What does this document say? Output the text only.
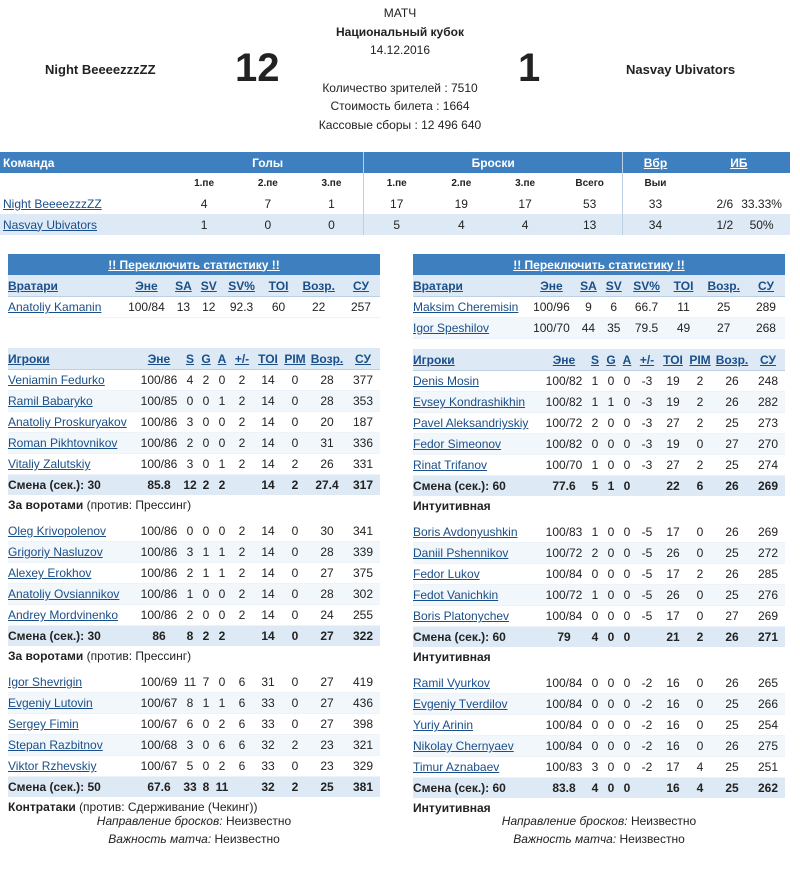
МАТЧ
Национальный кубок
14.12.2016
Night BeeeezzzZZ 12	1	Nasvay Ubivators
Количество зрителей : 7510
Стоимость билета : 1664
Кассовые сборы : 12 496 640
Команда	Голы			Броски				Вбр	ИБ	
	1.пе	2.пе	3.пе	1.пе	2.пе	3.пе	Всего	Выи		
Night BeeeezzzZZ	4	7	1	17	19	17	53	33	2/6	33.33%
Nasvay Ubivators	1	0	0	5	4	4	13	34	1/2	50%
!! Переключить статистику !!							
Вратари	Эне	SA	SV	SV%	TOI	Возр.	СУ
Anatoliy Kamanin	100/84	13	12	92.3	60	22	257
Игроки	Эне	S	G	A	+/-	TOI	PIM	Возр.	СУ
Veniamin Fedurko	100/86	4	2	0	2	14	0	28	377
Ramil Babaryko	100/85	0	0	1	2	14	0	28	353
Anatoliy Proskuryakov	100/86	3	0	0	2	14	0	20	187
Roman Pikhtovnikov	100/86	2	0	0	2	14	0	31	336
Vitaliy Zalutskiy	100/86	3	0	1	2	14	2	26	331
Смена (сек.): 30	85.8	12	2	2		14	2	27.4	317
За воротами (против: Прессинг)									

Oleg Krivopolenov	100/86	0	0	0	2	14	0	30	341
Grigoriy Nasluzov	100/86	3	1	1	2	14	0	28	339
Alexey Erokhov	100/86	2	1	1	2	14	0	27	375
Anatoliy Ovsiannikov	100/86	1	0	0	2	14	0	28	302
Andrey Mordvinenko	100/86	2	0	0	2	14	0	24	255
Смена (сек.): 30	86	8	2	2		14	0	27	322
За воротами (против: Прессинг)									

Igor Shevrigin	100/69	11	7	0	6	31	0	27	419
Evgeniy Lutovin	100/67	8	1	1	6	33	0	27	436
Sergey Fimin	100/67	6	0	2	6	33	0	27	398
Stepan Razbitnov	100/68	3	0	6	6	32	2	23	321
Viktor Rzhevskiy	100/67	5	0	2	6	33	0	23	329
Смена (сек.): 50	67.6	33	8	11		32	2	25	381
Контратаки (против: Сдерживание (Чекинг))									
!! Переключить статистику !!							
Вратари	Эне	SA	SV	SV%	TOI	Возр.	СУ
Maksim Cheremisin	100/96	9	6	66.7	11	25	289
Igor Speshilov	100/70	44	35	79.5	49	27	268
Игроки	Эне	S	G	A	+/-	TOI	PIM	Возр.	СУ
Denis Mosin	100/82	1	0	0	-3	19	2	26	248
Evsey Kondrashikhin	100/82	1	1	0	-3	19	2	26	282
Pavel Aleksandriyskiy	100/72	2	0	0	-3	27	2	25	273
Fedor Simeonov	100/82	0	0	0	-3	19	0	27	270
Rinat Trifanov	100/70	1	0	0	-3	27	2	25	274
Смена (сек.): 60	77.6	5	1	0		22	6	26	269
Интуитивная									

Boris Avdonyushkin	100/83	1	0	0	-5	17	0	26	269
Daniil Pshennikov	100/72	2	0	0	-5	26	0	25	272
Fedor Lukov	100/84	0	0	0	-5	17	2	26	285
Fedot Vanichkin	100/72	1	0	0	-5	26	0	25	276
Boris Platonychev	100/84	0	0	0	-5	17	0	27	269
Смена (сек.): 60	79	4	0	0		21	2	26	271
Интуитивная									

Ramil Vyurkov	100/84	0	0	0	-2	16	0	26	265
Evgeniy Tverdilov	100/84	0	0	0	-2	16	0	25	266
Yuriy Arinin	100/84	0	0	0	-2	16	0	25	254
Nikolay Chernyaev	100/84	0	0	0	-2	16	0	26	275
Timur Aznabaev	100/83	3	0	0	-2	17	4	25	251
Смена (сек.): 60	83.8	4	0	0		16	4	25	262
Интуитивная									
Направление бросков: Неизвестно
Важность матча: Неизвестно
Направление бросков: Неизвестно
Важность матча: Неизвестно
